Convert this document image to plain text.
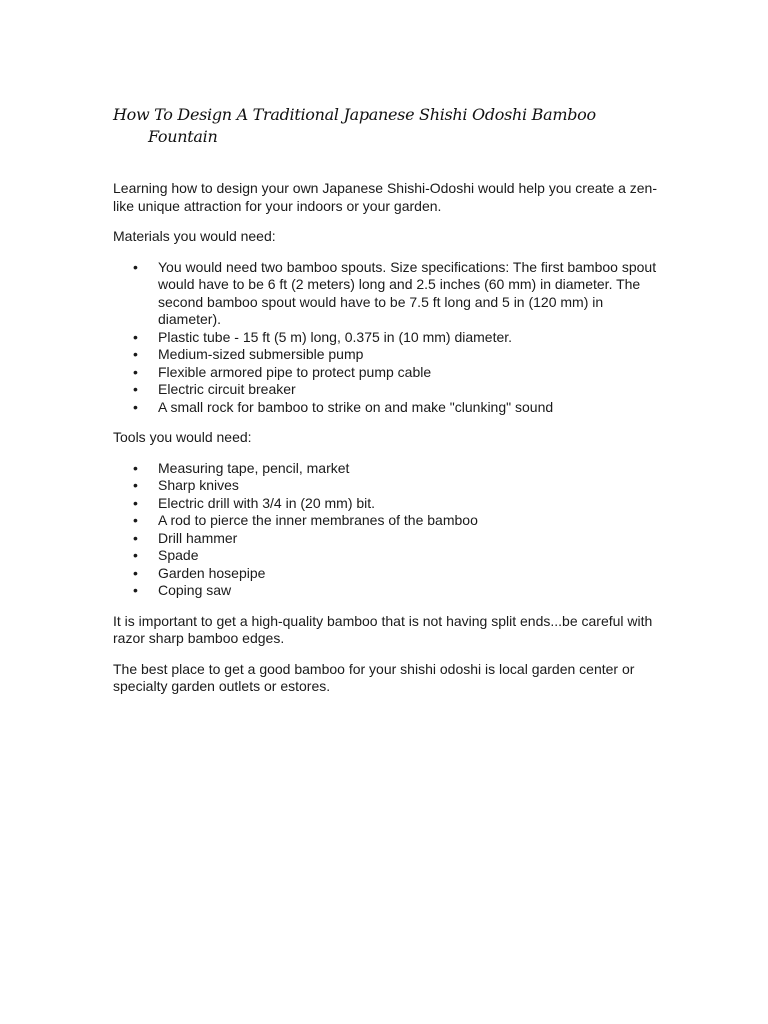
How To Design A Traditional Japanese Shishi Odoshi Bamboo
Fountain

Learning how to design your own Japanese Shishi-Odoshi would help you create a zen-like unique attraction for your indoors or your garden.

Materials you would need:

• You would need two bamboo spouts. Size specifications: The first bamboo spout would have to be 6 ft (2 meters) long and 2.5 inches (60 mm) in diameter. The second bamboo spout would have to be 7.5 ft long and 5 in (120 mm) in diameter).
• Plastic tube - 15 ft (5 m) long, 0.375 in (10 mm) diameter.
• Medium-sized submersible pump
• Flexible armored pipe to protect pump cable
• Electric circuit breaker
• A small rock for bamboo to strike on and make "clunking" sound

Tools you would need:

• Measuring tape, pencil, market
• Sharp knives
• Electric drill with 3/4 in (20 mm) bit.
• A rod to pierce the inner membranes of the bamboo
• Drill hammer
• Spade
• Garden hosepipe
• Coping saw

It is important to get a high-quality bamboo that is not having split ends...be careful with razor sharp bamboo edges.

The best place to get a good bamboo for your shishi odoshi is local garden center or specialty garden outlets or estores.
